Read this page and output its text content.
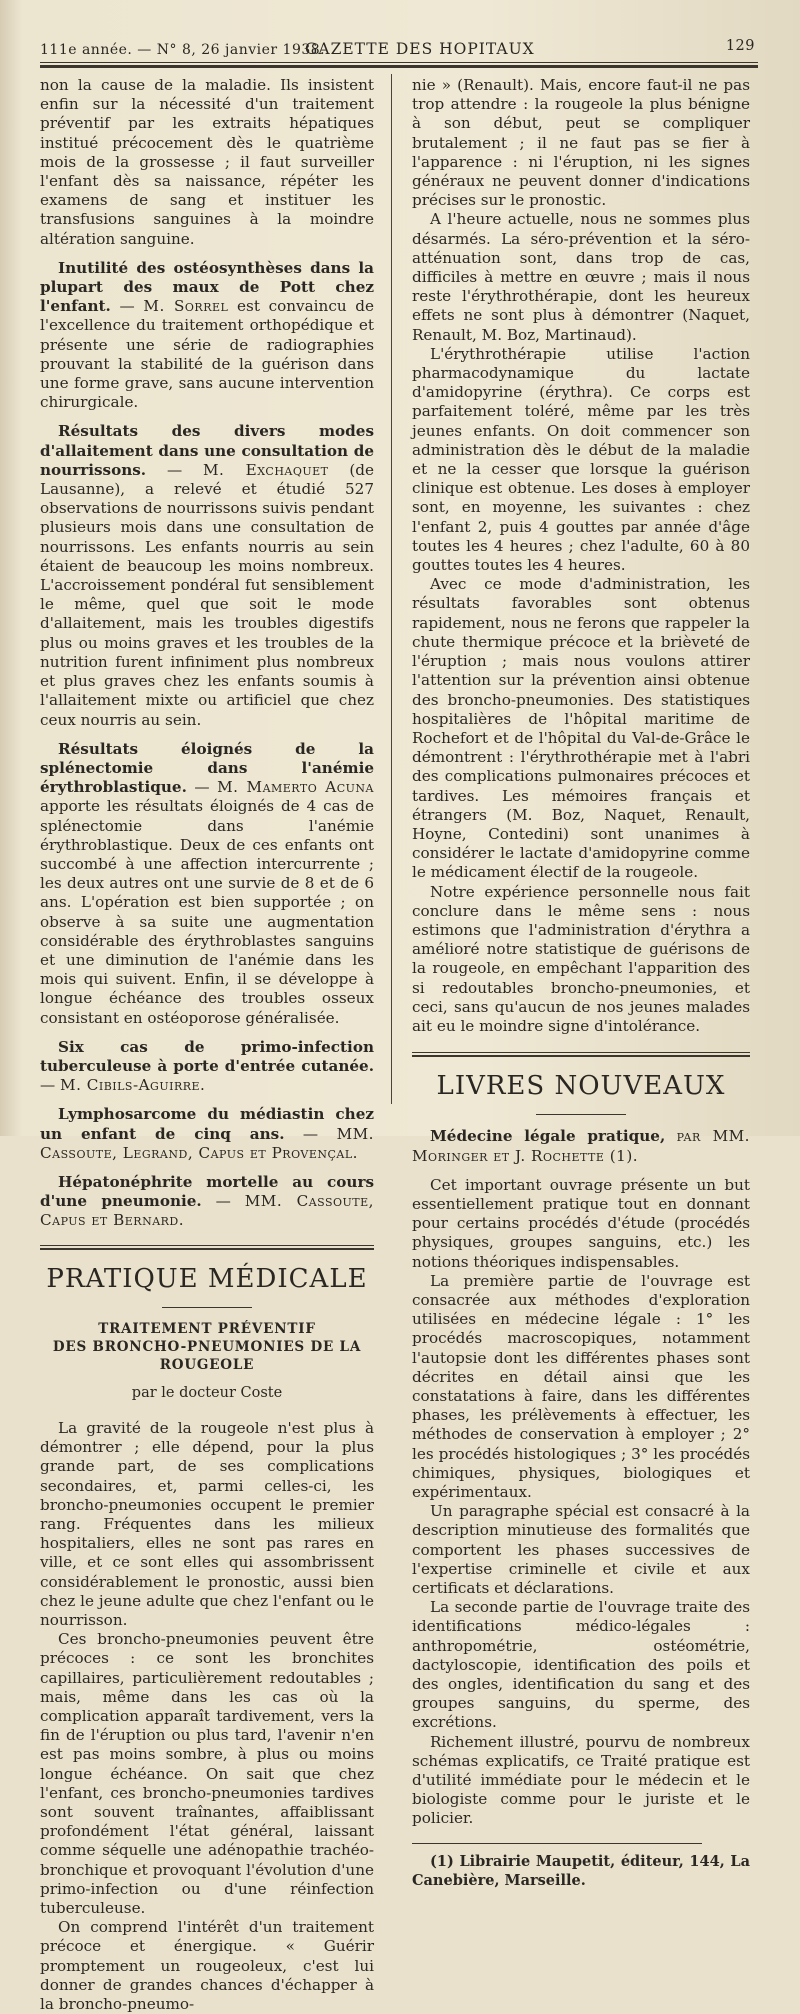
111e année. — N° 8, 26 janvier 1938.
GAZETTE DES HOPITAUX	129

non la cause de la maladie. Ils insistent enfin sur la nécessité d'un traitement préventif par les extraits hépatiques institué précocement dès le quatrième mois de la grossesse ; il faut surveiller l'enfant dès sa naissance, répéter les examens de sang et instituer les transfusions sanguines à la moindre altération sanguine.

Inutilité des ostéosynthèses dans la plupart des maux de Pott chez l'enfant. — M. Sorrel est convaincu de l'excellence du traitement orthopédique et présente une série de radiographies prouvant la stabilité de la guérison dans une forme grave, sans aucune intervention chirurgicale.

Résultats des divers modes d'allaitement dans une consultation de nourrissons. — M. Exchaquet (de Lausanne), a relevé et étudié 527 observations de nourrissons suivis pendant plusieurs mois dans une consultation de nourrissons. Les enfants nourris au sein étaient de beaucoup les moins nombreux. L'accroissement pondéral fut sensiblement le même, quel que soit le mode d'allaitement, mais les troubles digestifs plus ou moins graves et les troubles de la nutrition furent infiniment plus nombreux et plus graves chez les enfants soumis à l'allaitement mixte ou artificiel que chez ceux nourris au sein.

Résultats éloignés de la splénectomie dans l'anémie érythroblastique. — M. Mamerto Acuna apporte les résultats éloignés de 4 cas de splénectomie dans l'anémie érythroblastique. Deux de ces enfants ont succombé à une affection intercurrente ; les deux autres ont une survie de 8 et de 6 ans. L'opération est bien supportée ; on observe à sa suite une augmentation considérable des érythroblastes sanguins et une diminution de l'anémie dans les mois qui suivent. Enfin, il se développe à longue échéance des troubles osseux consistant en ostéoporose généralisée.

Six cas de primo-infection tuberculeuse à porte d'entrée cutanée. — M. Cibils-Aguirre.

Lymphosarcome du médiastin chez un enfant de cinq ans. — MM. Cassoute, Legrand, Capus et Provençal.

Hépatonéphrite mortelle au cours d'une pneumonie. — MM. Cassoute, Capus et Bernard.

PRATIQUE MÉDICALE
TRAITEMENT PRÉVENTIF
DES BRONCHO-PNEUMONIES DE LA ROUGEOLE
par le docteur Coste

La gravité de la rougeole n'est plus à démontrer ; elle dépend, pour la plus grande part, de ses complications secondaires, et, parmi celles-ci, les broncho-pneumonies occupent le premier rang. Fréquentes dans les milieux hospitaliers, elles ne sont pas rares en ville, et ce sont elles qui assombrissent considérablement le pronostic, aussi bien chez le jeune adulte que chez l'enfant ou le nourrisson.

Ces broncho-pneumonies peuvent être précoces : ce sont les bronchites capillaires, particulièrement redoutables ; mais, même dans les cas où la complication apparaît tardivement, vers la fin de l'éruption ou plus tard, l'avenir n'en est pas moins sombre, à plus ou moins longue échéance. On sait que chez l'enfant, ces broncho-pneumonies tardives sont souvent traînantes, affaiblissant profondément l'état général, laissant comme séquelle une adénopathie trachéo-bronchique et provoquant l'évolution d'une primo-infection ou d'une réinfection tuberculeuse.

On comprend l'intérêt d'un traitement précoce et énergique. « Guérir promptement un rougeoleux, c'est lui donner de grandes chances d'échapper à la broncho-pneumo-

nie » (Renault). Mais, encore faut-il ne pas trop attendre : la rougeole la plus bénigne à son début, peut se compliquer brutalement ; il ne faut pas se fier à l'apparence : ni l'éruption, ni les signes généraux ne peuvent donner d'indications précises sur le pronostic.

A l'heure actuelle, nous ne sommes plus désarmés. La séro-prévention et la séro-atténuation sont, dans trop de cas, difficiles à mettre en œuvre ; mais il nous reste l'érythrothérapie, dont les heureux effets ne sont plus à démontrer (Naquet, Renault, M. Boz, Martinaud).

L'érythrothérapie utilise l'action pharmacodynamique du lactate d'amidopyrine (érythra). Ce corps est parfaitement toléré, même par les très jeunes enfants. On doit commencer son administration dès le début de la maladie et ne la cesser que lorsque la guérison clinique est obtenue. Les doses à employer sont, en moyenne, les suivantes : chez l'enfant 2, puis 4 gouttes par année d'âge toutes les 4 heures ; chez l'adulte, 60 à 80 gouttes toutes les 4 heures.

Avec ce mode d'administration, les résultats favorables sont obtenus rapidement, nous ne ferons que rappeler la chute thermique précoce et la brièveté de l'éruption ; mais nous voulons attirer l'attention sur la prévention ainsi obtenue des broncho-pneumonies. Des statistiques hospitalières de l'hôpital maritime de Rochefort et de l'hôpital du Val-de-Grâce le démontrent : l'érythrothérapie met à l'abri des complications pulmonaires précoces et tardives. Les mémoires français et étrangers (M. Boz, Naquet, Renault, Hoyne, Contedini) sont unanimes à considérer le lactate d'amidopyrine comme le médicament électif de la rougeole.

Notre expérience personnelle nous fait conclure dans le même sens : nous estimons que l'administration d'érythra a amélioré notre statistique de guérisons de la rougeole, en empêchant l'apparition des si redoutables broncho-pneumonies, et ceci, sans qu'aucun de nos jeunes malades ait eu le moindre signe d'intolérance.

LIVRES NOUVEAUX

Médecine légale pratique, par MM. Moringer et J. Rochette (1).

Cet important ouvrage présente un but essentiellement pratique tout en donnant pour certains procédés d'étude (procédés physiques, groupes sanguins, etc.) les notions théoriques indispensables.

La première partie de l'ouvrage est consacrée aux méthodes d'exploration utilisées en médecine légale : 1° les procédés macroscopiques, notamment l'autopsie dont les différentes phases sont décrites en détail ainsi que les constatations à faire, dans les différentes phases, les prélèvements à effectuer, les méthodes de conservation à employer ; 2° les procédés histologiques ; 3° les procédés chimiques, physiques, biologiques et expérimentaux.

Un paragraphe spécial est consacré à la description minutieuse des formalités que comportent les phases successives de l'expertise criminelle et civile et aux certificats et déclarations.

La seconde partie de l'ouvrage traite des identifications médico-légales : anthropométrie, ostéométrie, dactyloscopie, identification des poils et des ongles, identification du sang et des groupes sanguins, du sperme, des excrétions.

Richement illustré, pourvu de nombreux schémas explicatifs, ce Traité pratique est d'utilité immédiate pour le médecin et le biologiste comme pour le juriste et le policier.

(1) Librairie Maupetit, éditeur, 144, La Canebière, Marseille.
